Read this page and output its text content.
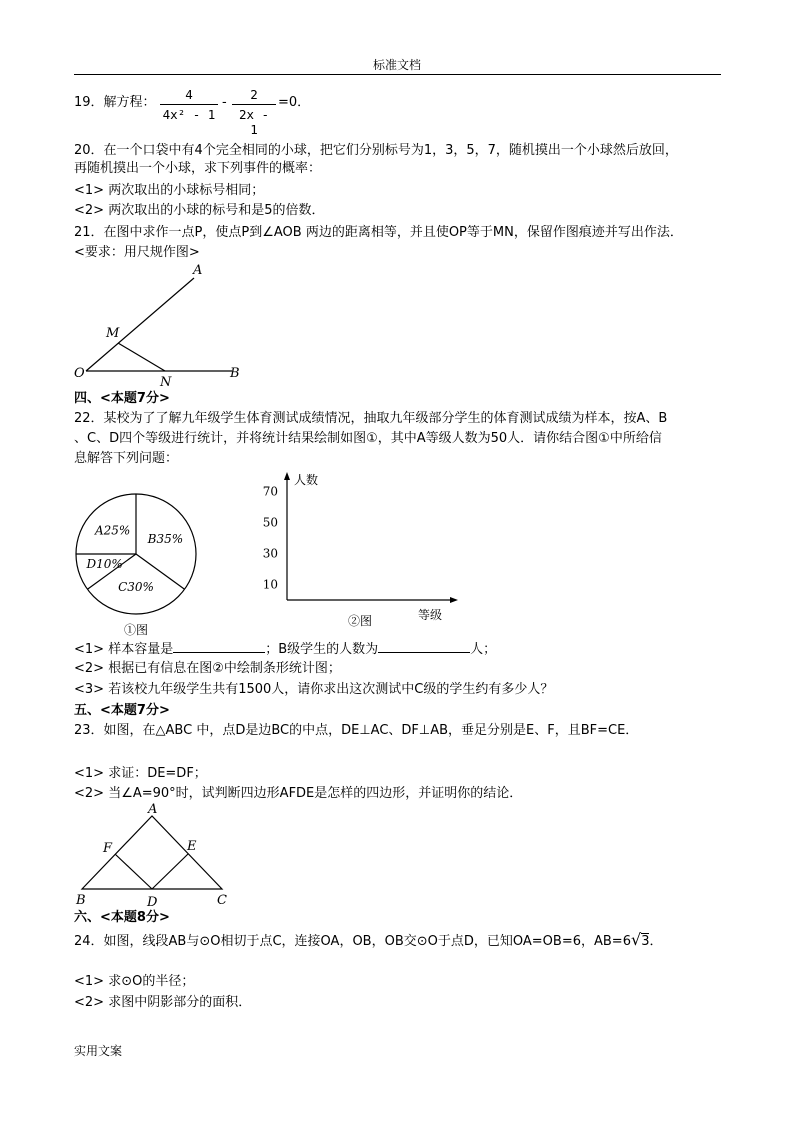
标准文档
19．解方程：
4
4x² - 1
-
2
2x - 1
=0．
20．在一个口袋中有4个完全相同的小球，把它们分别标号为1，3，5，7，随机摸出一个小球然后放回，
再随机摸出一个小球，求下列事件的概率：
<1> 两次取出的小球标号相同；
<2> 两次取出的小球的标号和是5的倍数．
21．在图中求作一点P，使点P到∠AOB 两边的距离相等，并且使OP等于MN，保留作图痕迹并写出作法．
<要求：用尺规作图>
A
M
O
N
B
四、<本题7分>
22．某校为了了解九年级学生体育测试成绩情况，抽取九年级部分学生的体育测试成绩为样本，按A、B
、C、D四个等级进行统计，并将统计结果绘制如图①，其中A等级人数为50人．请你结合图①中所给信
息解答下列问题：
B35%
C30%
D10%
A25%
①图
人数
等级
10
30
50
70
②图
<1> 样本容量是	；B级学生的人数为	人；
<2> 根据已有信息在图②中绘制条形统计图；
<3> 若该校九年级学生共有1500人，请你求出这次测试中C级的学生约有多少人？
五、<本题7分>
23．如图，在△ABC 中，点D是边BC的中点，DE⊥AC、DF⊥AB，垂足分别是E、F，且BF=CE．
<1> 求证：DE=DF；
<2> 当∠A=90°时，试判断四边形AFDE是怎样的四边形，并证明你的结论．
A
F	E
B	D	C
六、<本题8分>
24．如图，线段AB与⊙O相切于点C，连接OA，OB，OB交⊙O于点D，已知OA=OB=6，AB=6√3．
<1> 求⊙O的半径；
<2> 求图中阴影部分的面积．
实用文案
